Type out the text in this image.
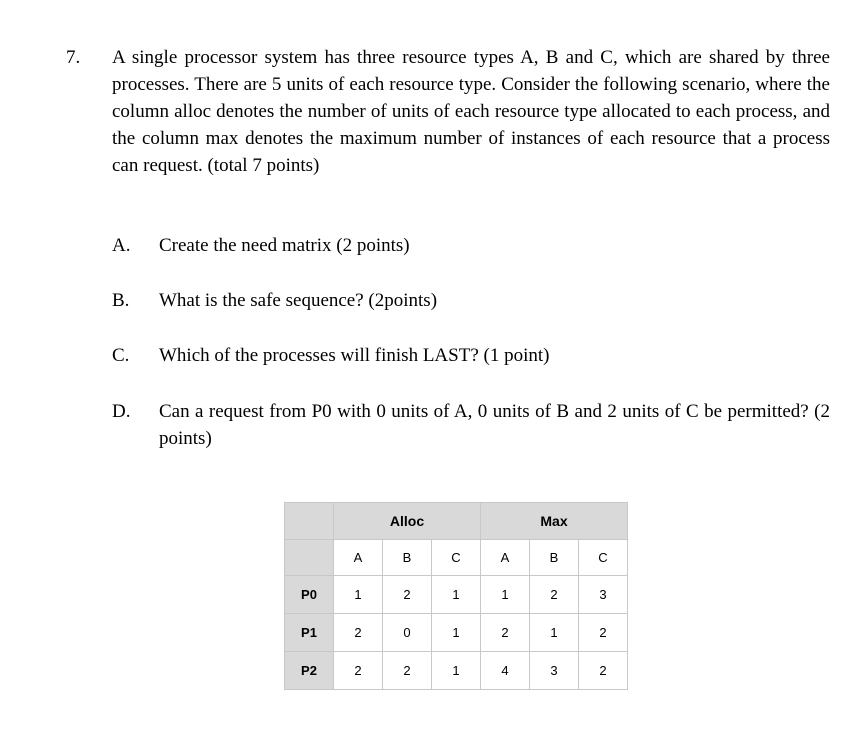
7. A single processor system has three resource types A, B and C, which are shared by three processes. There are 5 units of each resource type. Consider the following scenario, where the column alloc denotes the number of units of each resource type allocated to each process, and the column max denotes the maximum number of instances of each resource that a process can request. (total 7 points)
A. Create the need matrix (2 points)
B. What is the safe sequence? (2points)
C. Which of the processes will finish LAST? (1 point)
D. Can a request from P0 with 0 units of A, 0 units of B and 2 units of C be permitted? (2 points)
	Alloc			Max		
	A	B	C	A	B	C
P0	1	2	1	1	2	3
P1	2	0	1	2	1	2
P2	2	2	1	4	3	2
